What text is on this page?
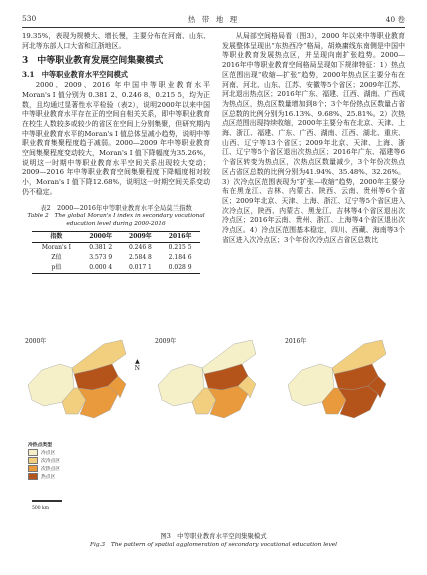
530	热 带 地 理	40 卷

19.35%，表现为规模大、增长慢，主要分布在河南、山东、河北等东部人口大省和江浙地区。

3　中等职业教育发展空间集聚模式
3.1　中等职业教育水平空间模式

2000、2009、2016 年中国中等职业教育水平 Moran's I 值分别为 0.381 2、0.246 8、0.215 5，均为正数，且均通过显著性水平检验（表2），说明2000年以来中国中等职业教育水平存在正的空间自相关关系，即中等职业教育在校生人数较多或较少的省区在空间上分别集聚，但研究期内中等职业教育水平的Moran's I 值总体呈减小趋势，说明中等职业教育集聚程度趋于减弱。2000—2009 年中等职业教育空间集聚程度变动较大，Moran's I 值下降幅度为35.26%，说明这一时期中等职业教育水平空间关系出现较大变动；2009—2016 年中等职业教育空间集聚程度下降幅度相对较小，Moran's I 值下降12.68%，说明这一时期空间关系变动仍不稳定。

表2　2000—2016年中等职业教育水平全局莫兰指数
Table 2　The global Moran's I index in secondary vocational education level during 2000-2016
指数	2000年	2009年	2016年
Moran's I	0.381 2	0.246 8	0.215 5
Z值	3.573 9	2.584 8	2.184 6
p值	0.000 4	0.017 1	0.028 9

从局部空间格局看（图3），2000 年以来中等职业教育发展整体呈现出“东热西冷”格局，胡焕庸线东南侧是中国中等职业教育发展热点区，并呈现向南扩张趋势。2000—2016年中等职业教育空间格局呈现如下规律特征：1）热点区范围出现“收缩—扩张”趋势，2000年热点区主要分布在河南、河北、山东、江苏、安徽等5个省区；2009年江苏、河北退出热点区；2016年广东、福建、江西、湖南、广西成为热点区，热点区数量增加到8个；3个年份热点区数量占省区总数的比例分别为16.13%、9.68%、25.81%。2）次热点区范围出现持续收缩，2000年主要分布在北京、天津、上海、浙江、福建、广东、广西、湖南、江西、湖北、重庆、山西、辽宁等13个省区；2009年北京、天津、上海、浙江、辽宁等5个省区退出次热点区；2016年广东、福建等6个省区转变为热点区，次热点区数量减少，3个年份次热点区占省区总数的比例分别为41.94%、35.48%、32.26%。3）次冷点区范围表现为“扩张—收缩”趋势，2000年主要分布在黑龙江、吉林、内蒙古、陕西、云南、贵州等6个省区；2009年北京、天津、上海、浙江、辽宁等5个省区进入次冷点区，陕西、内蒙古、黑龙江、吉林等4个省区退出次冷点区；2016年云南、贵州、浙江、上海等4个省区退出次冷点区。4）冷点区范围基本稳定，四川、西藏、海南等3个省区进入次冷点区；3个年份次冷点区占省区总数比

2000年
▲
N
冷热点类型
冷点区
次冷点区
次热点区
热点区
500 km
2009年	2016年
图3　中等职业教育水平空间集聚模式
Fig.3　The pattern of spatial agglomeration of secondary vocational education level
